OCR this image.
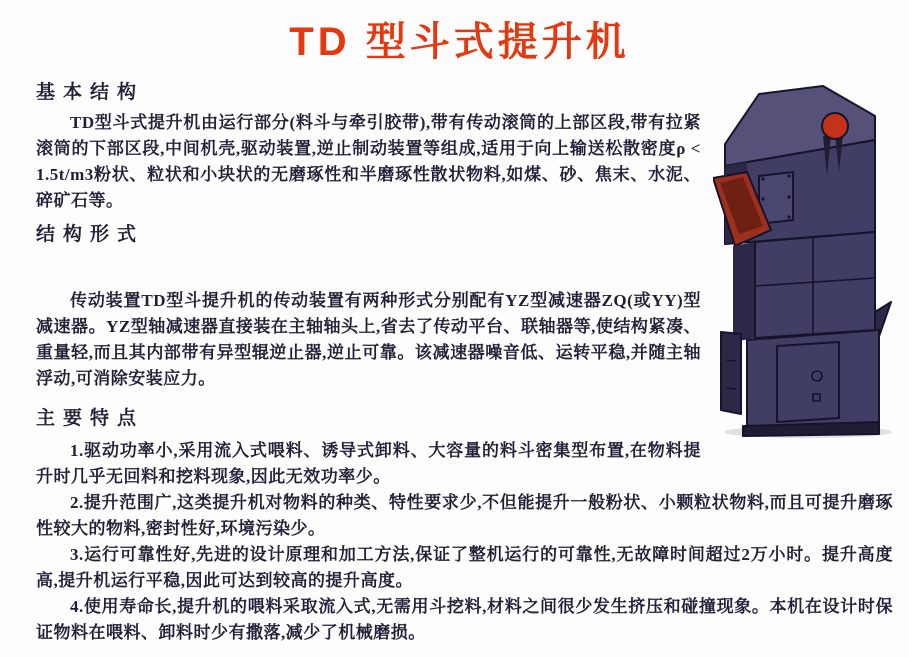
TD 型斗式提升机
基本结构

TD型斗式提升机由运行部分(料斗与牵引胶带),带有传动滚筒的上部区段,带有拉紧滚筒的下部区段,中间机壳,驱动装置,逆止制动装置等组成,适用于向上输送松散密度ρ < 1.5t/m3粉状、粒状和小块状的无磨琢性和半磨琢性散状物料,如煤、砂、焦末、水泥、碎矿石等。

结构形式

传动装置TD型斗提升机的传动装置有两种形式分别配有YZ型减速器ZQ(或YY)型减速器。YZ型轴减速器直接装在主轴轴头上,省去了传动平台、联轴器等,使结构紧凑、重量轻,而且其内部带有异型辊逆止器,逆止可靠。该减速器噪音低、运转平稳,并随主轴浮动,可消除安装应力。

主要特点

1.驱动功率小,采用流入式喂料、诱导式卸料、大容量的料斗密集型布置,在物料提升时几乎无回料和挖料现象,因此无效功率少。

2.提升范围广,这类提升机对物料的种类、特性要求少,不但能提升一般粉状、小颗粒状物料,而且可提升磨琢性较大的物料,密封性好,环境污染少。

3.运行可靠性好,先进的设计原理和加工方法,保证了整机运行的可靠性,无故障时间超过2万小时。提升高度高,提升机运行平稳,因此可达到较高的提升高度。

4.使用寿命长,提升机的喂料采取流入式,无需用斗挖料,材料之间很少发生挤压和碰撞现象。本机在设计时保证物料在喂料、卸料时少有撒落,减少了机械磨损。
